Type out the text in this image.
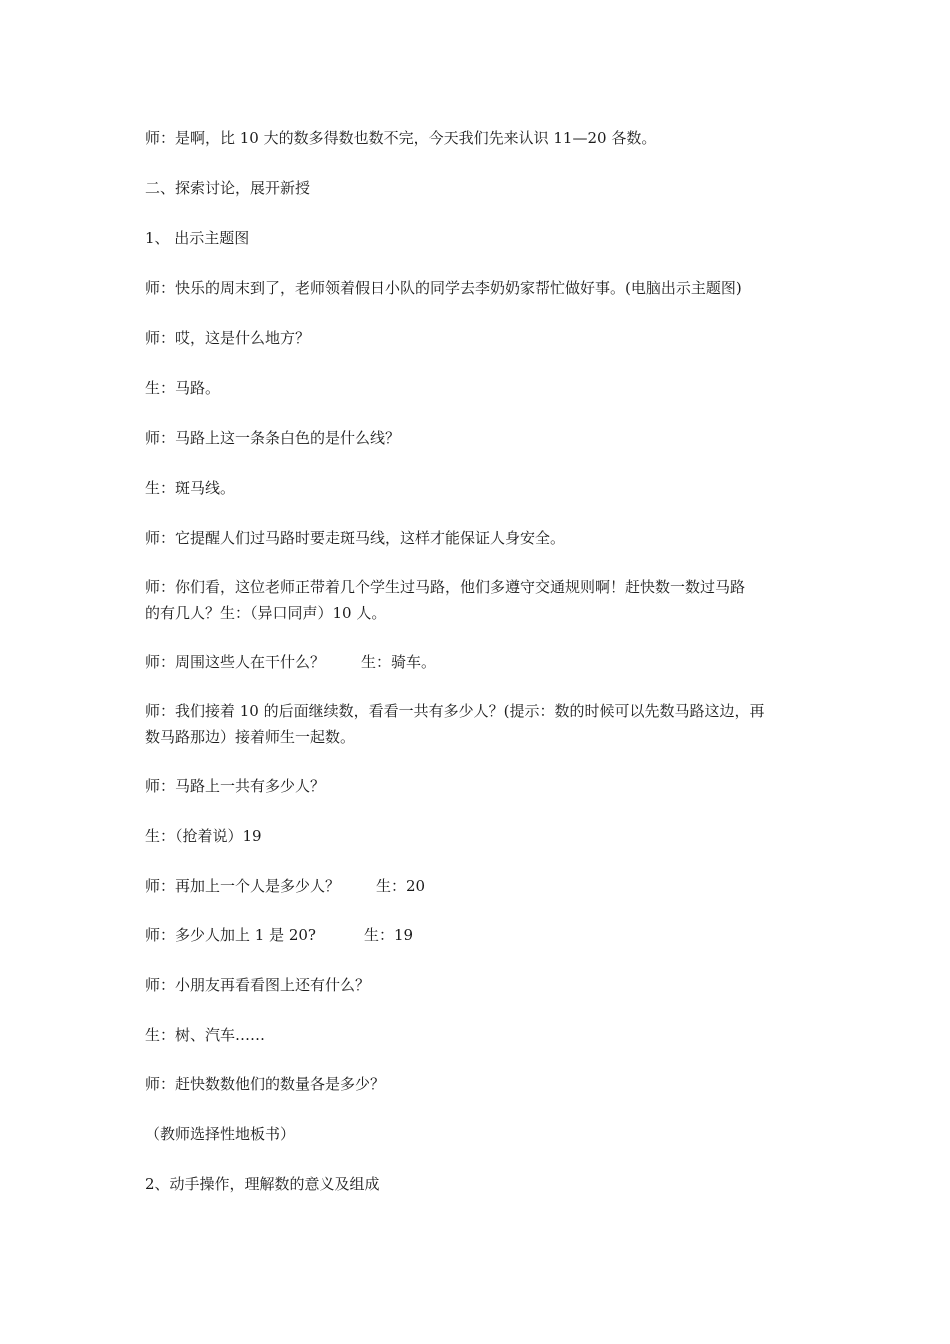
师：是啊，比 10 大的数多得数也数不完，今天我们先来认识 11—20 各数。
二、探索讨论，展开新授
1、 出示主题图
师：快乐的周末到了，老师领着假日小队的同学去李奶奶家帮忙做好事。(电脑出示主题图)
师：哎，这是什么地方？
生：马路。
师：马路上这一条条白色的是什么线？
生：斑马线。
师：它提醒人们过马路时要走斑马线，这样才能保证人身安全。
师：你们看，这位老师正带着几个学生过马路，他们多遵守交通规则啊！赶快数一数过马路
的有几人？生：（异口同声）10 人。
师：周围这些人在干什么？ 生：骑车。
师：我们接着 10 的后面继续数，看看一共有多少人？(提示：数的时候可以先数马路这边，再
数马路那边）接着师生一起数。
师：马路上一共有多少人？
生：（抢着说）19
师：再加上一个人是多少人？ 生：20
师：多少人加上 1 是 20?	生：19
师：小朋友再看看图上还有什么？
生：树、汽车……
师：赶快数数他们的数量各是多少？
（教师选择性地板书）
2、动手操作，理解数的意义及组成
